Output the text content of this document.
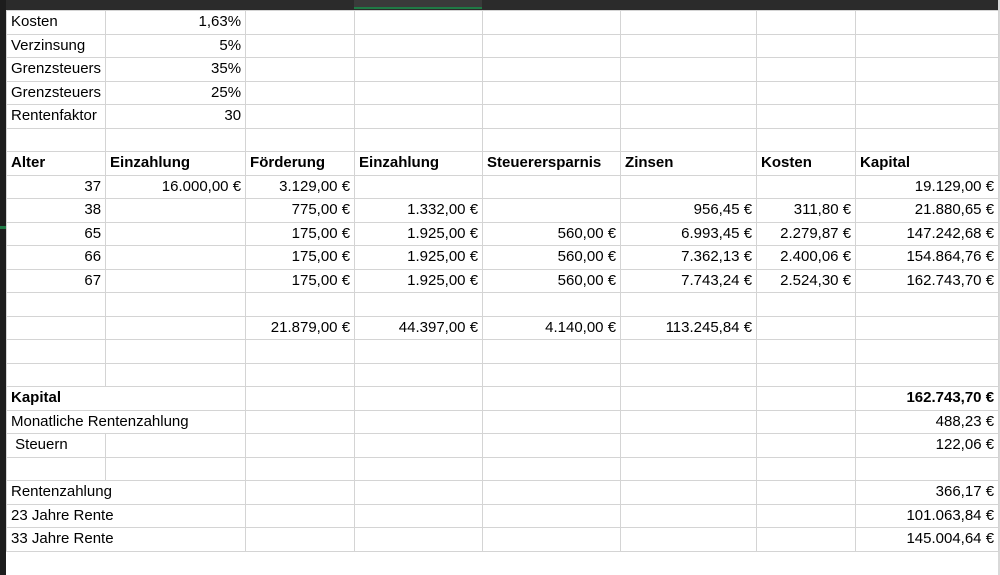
Kosten	1,63%						
Verzinsung	5%						
Grenzsteuers	35%						
Grenzsteuers	25%						
Rentenfaktor	30						

Alter	Einzahlung	Förderung	Einzahlung	Steuerersparnis	Zinsen	Kosten	Kapital
37	16.000,00 €	3.129,00 €					19.129,00 €
38		775,00 €	1.332,00 €		956,45 €	311,80 €	21.880,65 €
65		175,00 €	1.925,00 €	560,00 €	6.993,45 €	2.279,87 €	147.242,68 €
66		175,00 €	1.925,00 €	560,00 €	7.362,13 €	2.400,06 €	154.864,76 €
67		175,00 €	1.925,00 €	560,00 €	7.743,24 €	2.524,30 €	162.743,70 €

		21.879,00 €	44.397,00 €	4.140,00 €	113.245,84 €		

Kapital							162.743,70 €
Monatliche Rentenzahlung							488,23 €
Steuern							122,06 €

Rentenzahlung							366,17 €
23 Jahre Rente							101.063,84 €
33 Jahre Rente							145.004,64 €
